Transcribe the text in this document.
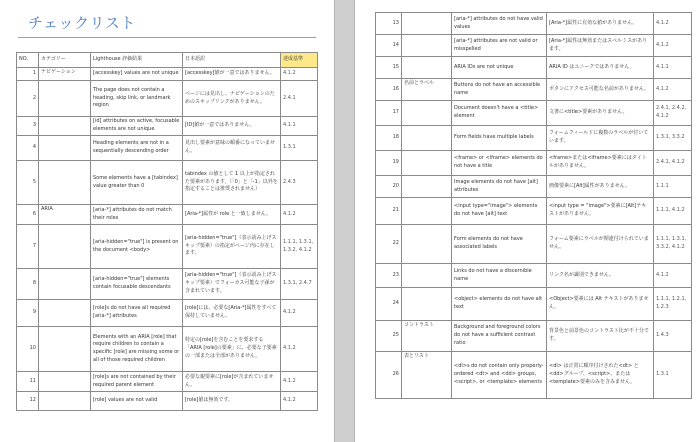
チェックリスト
NO.	カテゴリー	Lighthouse 評価結果	日本語訳	達成基準
1	ナビゲーション	[accesskey] values are not unique	[accesskey]値が一意ではありません。	4.1.2
2		The page does not contain a heading, skip link, or landmark region	ページには見出し、ナビゲーションのためのスキップリンクがありません。	2.4.1
3		[id] attributes on active, focusable elements are not unique	[ID]値が一意ではありません。	4.1.1
4		Heading elements are not in a sequentially descending order	見出し要素が意味の順番になっていません。	1.3.1
5		Some elements have a [tabindex] value greater than 0	tabindex の値として 1 以上が指定された要素があります。（「0」と「-1」以外を指定することは推奨されません）	2.4.3
6	ARIA	[aria-*] attributes do not match their roles	[Aria-*]属性が role と一致しません。	4.1.2
7		[aria-hidden="true"] is present on the document <body>	[aria-hidden="true"]（表示読み上げスキップ要素）の指定がページ内に存在します。	1.1.1, 1.3.1, 1.3.2, 4.1.2
8		[aria-hidden="true"] elements contain focusable descendants	[aria-hidden="true"]（表示読み上げスキップ要素）でフォーカス可能な子孫が含まれています。	1.3.1, 2.4.7
9		[role]s do not have all required [aria-*] attributes	[role]には、必要な[Aria-*]属性をすべて保持していません。	4.1.2
10		Elements with an ARIA [role] that require children to contain a specific [role] are missing some or all of those required children	特定の[role]を含むことを要求する「ARIA [role]の要素」に、必要な子要素の一部または全部がありません。	4.1.2
11		[role]s are not contained by their required parent element	必要な親要素に[role]が含まれていません。	4.1.2
12		[role] values are not valid	[role]値は無効です。	4.1.2
13		[aria-*] attributes do not have valid values	[Aria-*]属性に有効な値がありません。	4.1.2
14		[aria-*] attributes are not valid or misspelled	[Aria-*]属性は無効またはスペルミスがあります。	4.1.2
15		ARIA IDs are not unique	ARIA ID はユニークではありません。	4.1.1
16	名前とラベル	Buttons do not have an accessible name	ボタンにアクセス可能な名前がありません。	4.1.2
17		Document doesn't have a <title> element	文書に<title>要素がありません。	2.4.1, 2.4.2, 4.1.2
18		Form fields have multiple labels	フォームフィールドに複数のラベルが付いています。	1.3.1, 3.3.2
19		<frame> or <iframe> elements do not have a title	<frame>または<iframe>要素にはタイトルがありません。	2.4.1, 4.1.2
20		Image elements do not have [alt] attributes	画像要素に[Alt]属性がありません。	1.1.1
21		<input type="image"> elements do not have [alt] text	<input type = "image">要素に[Alt]テキストがありません。	1.1.1, 4.1.2
22		Form elements do not have associated labels	フォーム要素にラベルが関連付けられていません。	1.1.1, 1.3.1, 3.3.2, 4.1.2
23		Links do not have a discernible name	リンク名が識別できません。	4.1.2
24		<object> elements do not have alt text	<Object>要素には Alt テキストがありません。	1.1.1, 1.2.1, 1.2.3
25	コントラスト	Background and foreground colors do not have a sufficient contrast ratio	背景色と前景色のコントラスト比が不十分です。	1.4.3
26	表とリスト	<dl>s do not contain only properly-ordered <dt> and <dd> groups, <script>, or <template> elements	<dl> は正常に順序付けされた<dt> と<dd>グループ、<script>、または<template>要素のみを含みません。	1.3.1
